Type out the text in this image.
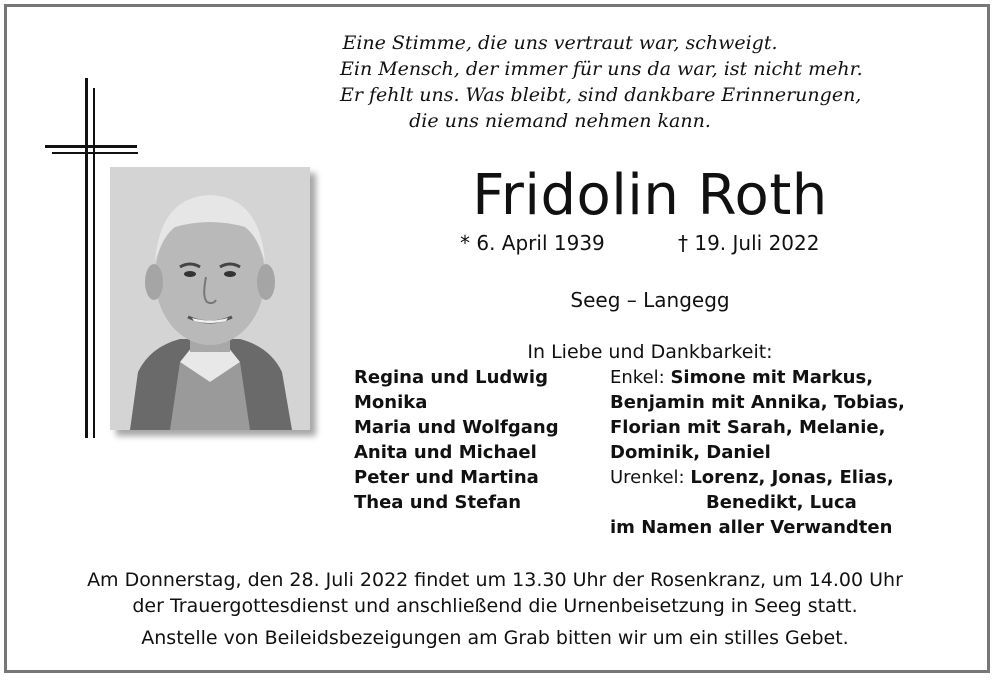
Eine Stimme, die uns vertraut war, schweigt.
Ein Mensch, der immer für uns da war, ist nicht mehr.
Er fehlt uns. Was bleibt, sind dankbare Erinnerungen,
die uns niemand nehmen kann.
Fridolin Roth
* 6. April 1939	† 19. Juli 2022
Seeg – Langegg
In Liebe und Dankbarkeit:
Regina und Ludwig
Monika
Maria und Wolfgang
Anita und Michael
Peter und Martina
Thea und Stefan
Enkel: Simone mit Markus,
Benjamin mit Annika, Tobias,
Florian mit Sarah, Melanie,
Dominik, Daniel
Urenkel: Lorenz, Jonas, Elias,
Benedikt, Luca
im Namen aller Verwandten
Am Donnerstag, den 28. Juli 2022 findet um 13.30 Uhr der Rosenkranz, um 14.00 Uhr
der Trauergottesdienst und anschließend die Urnenbeisetzung in Seeg statt.
Anstelle von Beileidsbezeigungen am Grab bitten wir um ein stilles Gebet.
